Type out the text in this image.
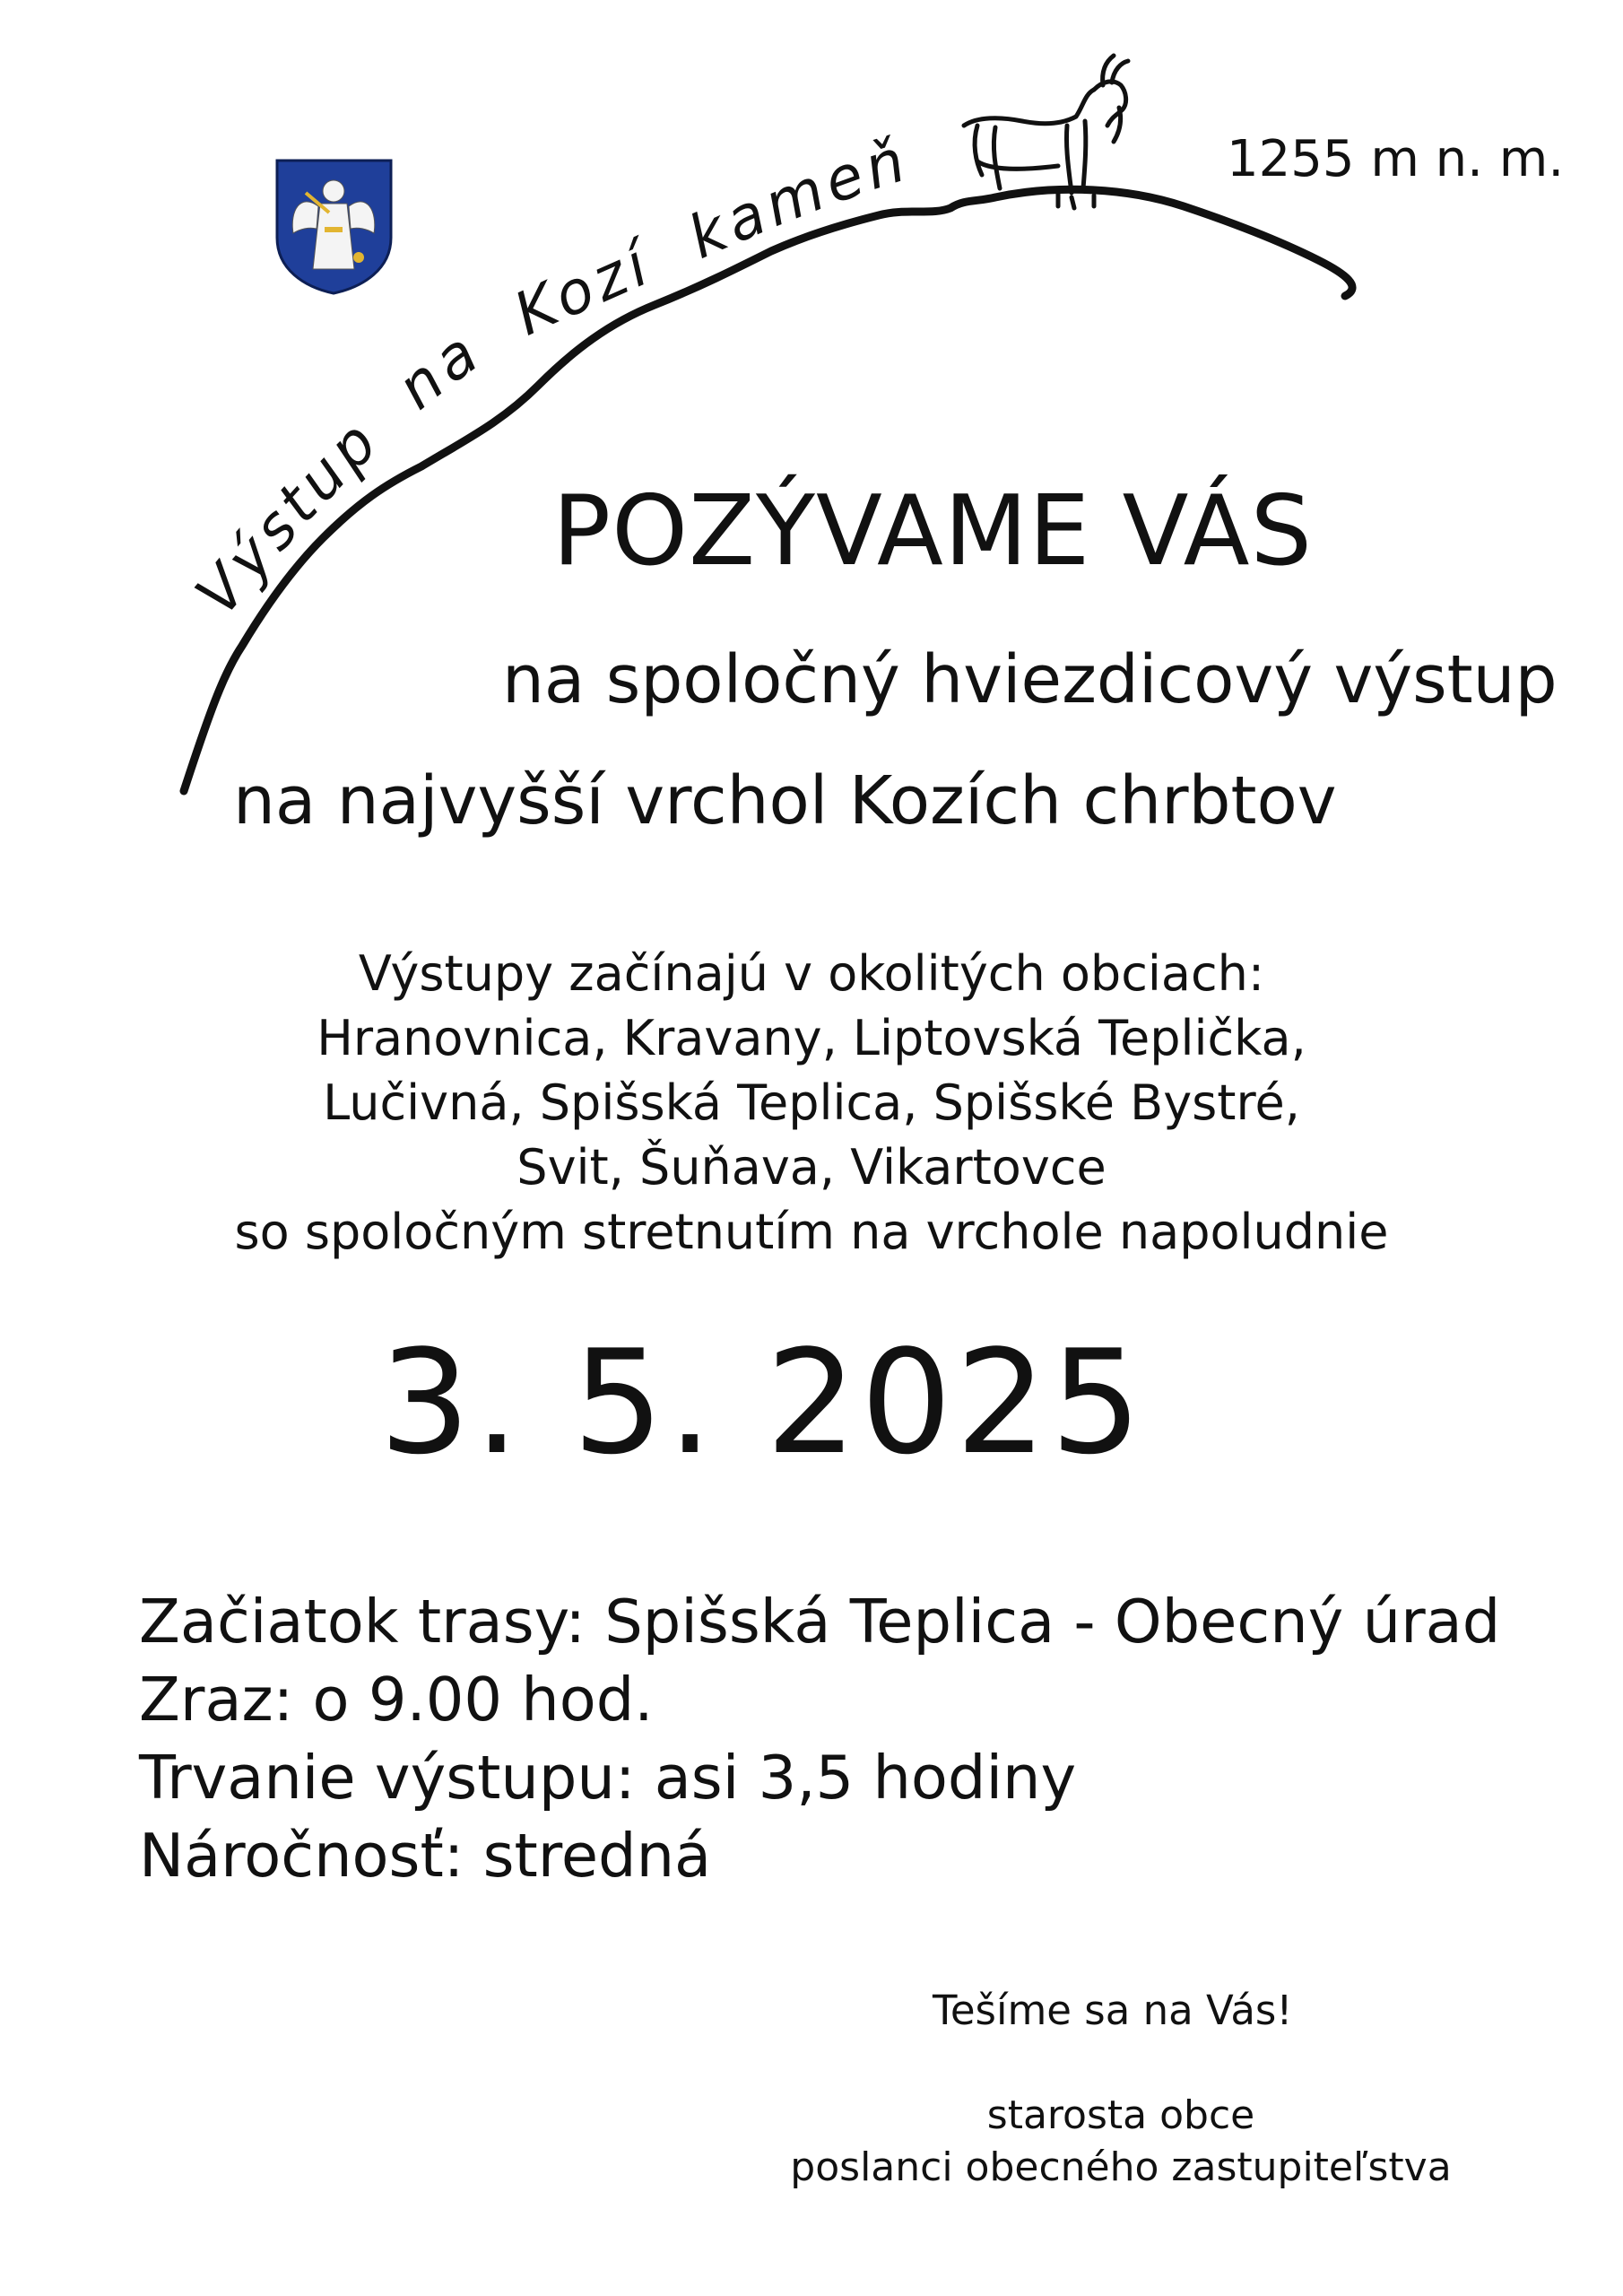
Výstup na Kozí kameň	1255 m n. m.
POZÝVAME VÁS
na spoločný hviezdicový výstup
na najvyšší vrchol Kozích chrbtov
Výstupy začínajú v okolitých obciach:
Hranovnica, Kravany, Liptovská Teplička,
Lučivná, Spišská Teplica, Spišské Bystré,
Svit, Šuňava, Vikartovce
so spoločným stretnutím na vrchole napoludnie
3. 5. 2025
Začiatok trasy: Spišská Teplica - Obecný úrad
Zraz: o 9.00 hod.
Trvanie výstupu: asi 3,5 hodiny
Náročnosť: stredná
Tešíme sa na Vás!
starosta obce
poslanci obecného zastupiteľstva
